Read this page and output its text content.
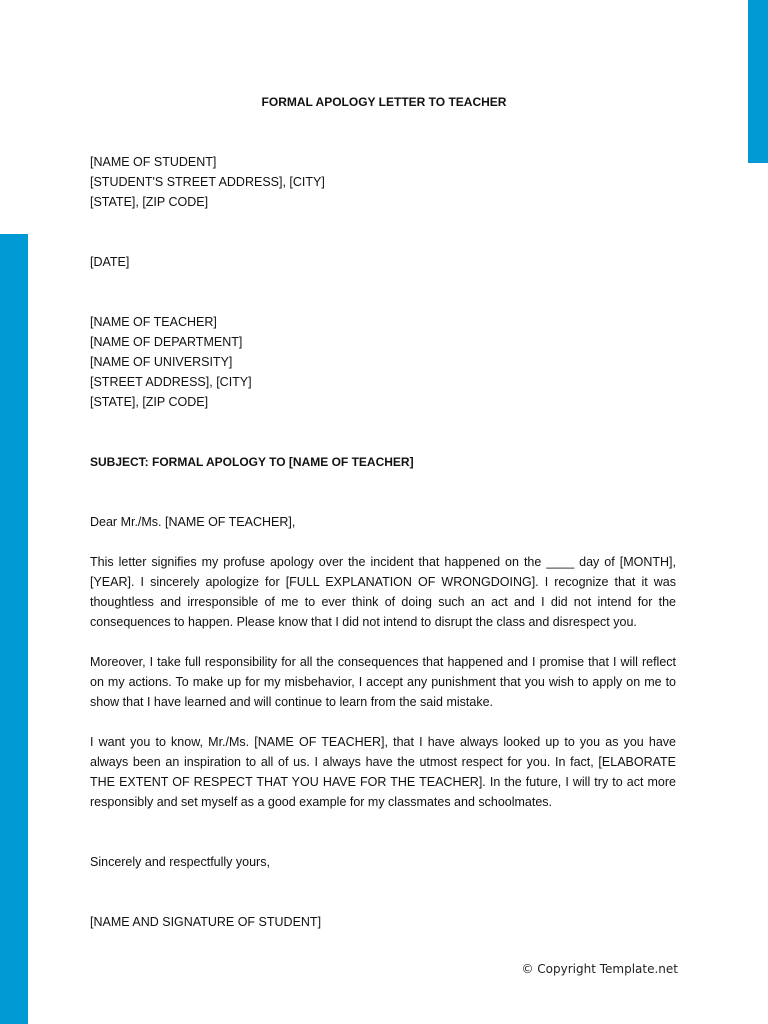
FORMAL APOLOGY LETTER TO TEACHER
[NAME OF STUDENT]
[STUDENT'S STREET ADDRESS], [CITY]
[STATE], [ZIP CODE]
[DATE]
[NAME OF TEACHER]
[NAME OF DEPARTMENT]
[NAME OF UNIVERSITY]
[STREET ADDRESS], [CITY]
[STATE], [ZIP CODE]
SUBJECT: FORMAL APOLOGY TO [NAME OF TEACHER]
Dear Mr./Ms. [NAME OF TEACHER],
This letter signifies my profuse apology over the incident that happened on the ____ day of [MONTH], [YEAR]. I sincerely apologize for [FULL EXPLANATION OF WRONGDOING]. I recognize that it was thoughtless and irresponsible of me to ever think of doing such an act and I did not intend for the consequences to happen. Please know that I did not intend to disrupt the class and disrespect you.
Moreover, I take full responsibility for all the consequences that happened and I promise that I will reflect on my actions. To make up for my misbehavior, I accept any punishment that you wish to apply on me to show that I have learned and will continue to learn from the said mistake.
I want you to know, Mr./Ms. [NAME OF TEACHER], that I have always looked up to you as you have always been an inspiration to all of us. I always have the utmost respect for you. In fact, [ELABORATE THE EXTENT OF RESPECT THAT YOU HAVE FOR THE TEACHER]. In the future, I will try to act more responsibly and set myself as a good example for my classmates and schoolmates.
Sincerely and respectfully yours,
[NAME AND SIGNATURE OF STUDENT]
© Copyright Template.net
